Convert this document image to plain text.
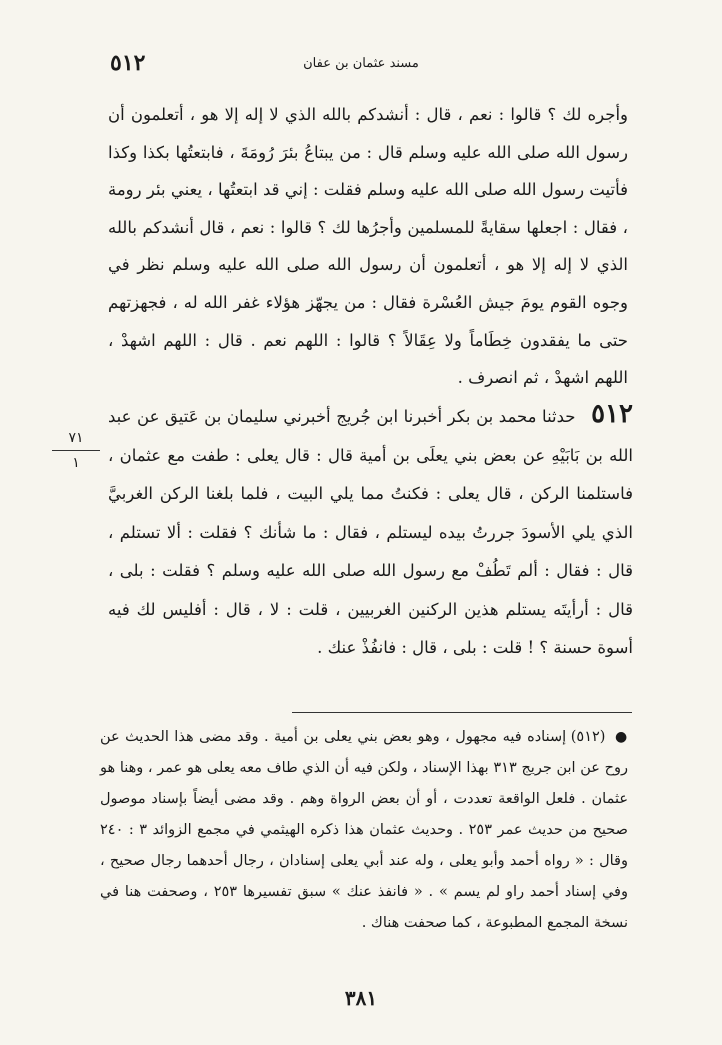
٥١٢	مسند عثمان بن عفان
وأجره لك ؟ قالوا : نعم ، قال : أنشدكم بالله الذي لا إله إلا هو ، أتعلمون أن رسول الله صلى الله عليه وسلم قال : من يبتاعُ بئرَ رُومَةَ ، فابتعتُها بكذا وكذا فأتيت رسول الله صلى الله عليه وسلم فقلت : إني قد ابتعتُها ، يعني بئر رومة ، فقال : اجعلها سقايةً للمسلمين وأجرُها لك ؟ قالوا : نعم ، قال أنشدكم بالله الذي لا إله إلا هو ، أتعلمون أن رسول الله صلى الله عليه وسلم نظر في وجوه القوم يومَ جيش العُسْرة فقال : من يجهّز هؤلاء غفر الله له ، فجهزتهم حتى ما يفقدون خِطَاماً ولا عِقَالاً ؟ قالوا : اللهم نعم . قال : اللهم اشهدْ ، اللهم اشهدْ ، ثم انصرف .
٥١٢ حدثنا محمد بن بكر أخبرنا ابن جُريج أخبرني سليمان بن عَتيق عن عبد الله بن بَابَيْهِ عن بعض بني يعلَى بن أمية قال : قال يعلى : طفت مع عثمان ، فاستلمنا الركن ، قال يعلى : فكنتُ مما يلي البيت ، فلما بلغنا الركن الغربيَّ الذي يلي الأسودَ جررتُ بيده ليستلم ، فقال : ما شأنك ؟ فقلت : ألا تستلم ، قال : فقال : ألم تَطُفْ مع رسول الله صلى الله عليه وسلم ؟ فقلت : بلى ، قال : أرأيتَه يستلم هذين الركنين الغربيين ، قلت : لا ، قال : أفليس لك فيه أسوة حسنة ؟ ! قلت : بلى ، قال : فانفُذْ عنك .
٧١
١
● (٥١٢) إسناده فيه مجهول ، وهو بعض بني يعلى بن أمية . وقد مضى هذا الحديث عن روح عن ابن جريج ٣١٣ بهذا الإسناد ، ولكن فيه أن الذي طاف معه يعلى هو عمر ، وهنا هو عثمان . فلعل الواقعة تعددت ، أو أن بعض الرواة وهم . وقد مضى أيضاً بإسناد موصول صحيح من حديث عمر ٢٥٣ . وحديث عثمان هذا ذكره الهيثمي في مجمع الزوائد ٣ : ٢٤٠ وقال : « رواه أحمد وأبو يعلى ، وله عند أبي يعلى إسنادان ، رجال أحدهما رجال صحيح ، وفي إسناد أحمد راو لم يسم » . « فانفذ عنك » سبق تفسيرها ٢٥٣ ، وصحفت هنا في نسخة المجمع المطبوعة ، كما صحفت هناك .
٣٨١
